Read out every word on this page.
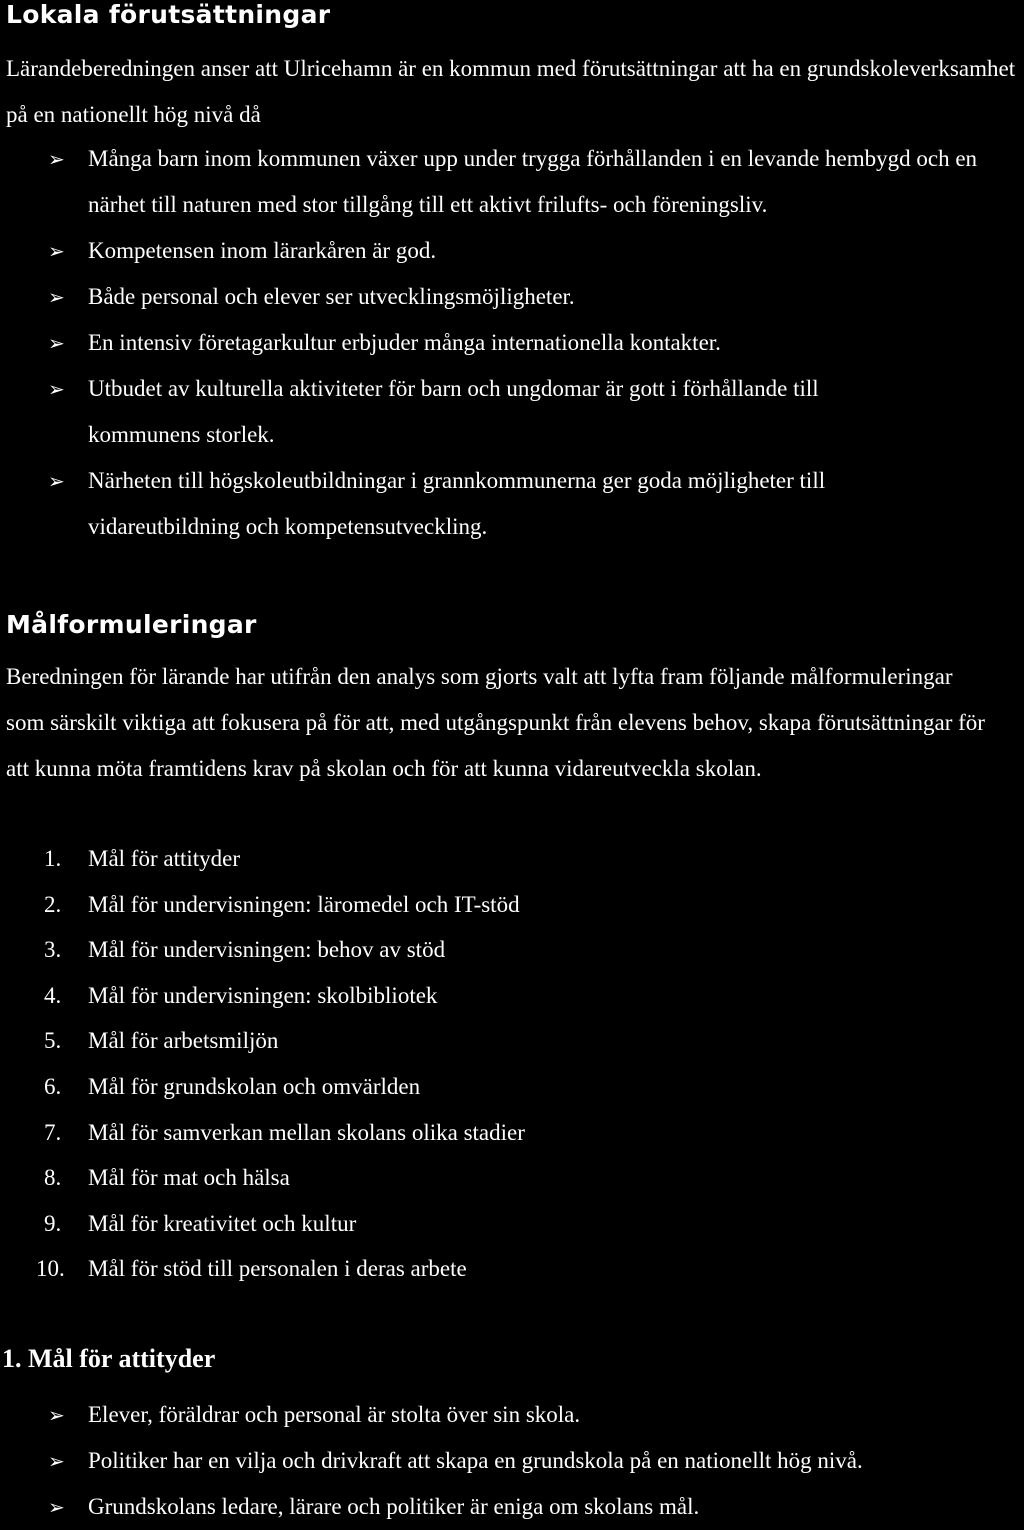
Lokala förutsättningar

Lärandeberedningen anser att Ulricehamn är en kommun med förutsättningar att ha en grundskoleverksamhet på en nationellt hög nivå då

➢ Många barn inom kommunen växer upp under trygga förhållanden i en levande hembygd och en närhet till naturen med stor tillgång till ett aktivt frilufts- och föreningsliv.
➢ Kompetensen inom lärarkåren är god.
➢ Både personal och elever ser utvecklingsmöjligheter.
➢ En intensiv företagarkultur erbjuder många internationella kontakter.
➢ Utbudet av kulturella aktiviteter för barn och ungdomar är gott i förhållande till kommunens storlek.
➢ Närheten till högskoleutbildningar i grannkommunerna ger goda möjligheter till vidareutbildning och kompetensutveckling.
Målformuleringar

Beredningen för lärande har utifrån den analys som gjorts valt att lyfta fram följande målformuleringar som särskilt viktiga att fokusera på för att, med utgångspunkt från elevens behov, skapa förutsättningar för att kunna möta framtidens krav på skolan och för att kunna vidareutveckla skolan.

1. Mål för attityder
2. Mål för undervisningen: läromedel och IT-stöd
3. Mål för undervisningen: behov av stöd
4. Mål för undervisningen: skolbibliotek
5. Mål för arbetsmiljön
6. Mål för grundskolan och omvärlden
7. Mål för samverkan mellan skolans olika stadier
8. Mål för mat och hälsa
9. Mål för kreativitet och kultur
10. Mål för stöd till personalen i deras arbete
1. Mål för attityder
➢ Elever, föräldrar och personal är stolta över sin skola.
➢ Politiker har en vilja och drivkraft att skapa en grundskola på en nationellt hög nivå.
➢ Grundskolans ledare, lärare och politiker är eniga om skolans mål.
